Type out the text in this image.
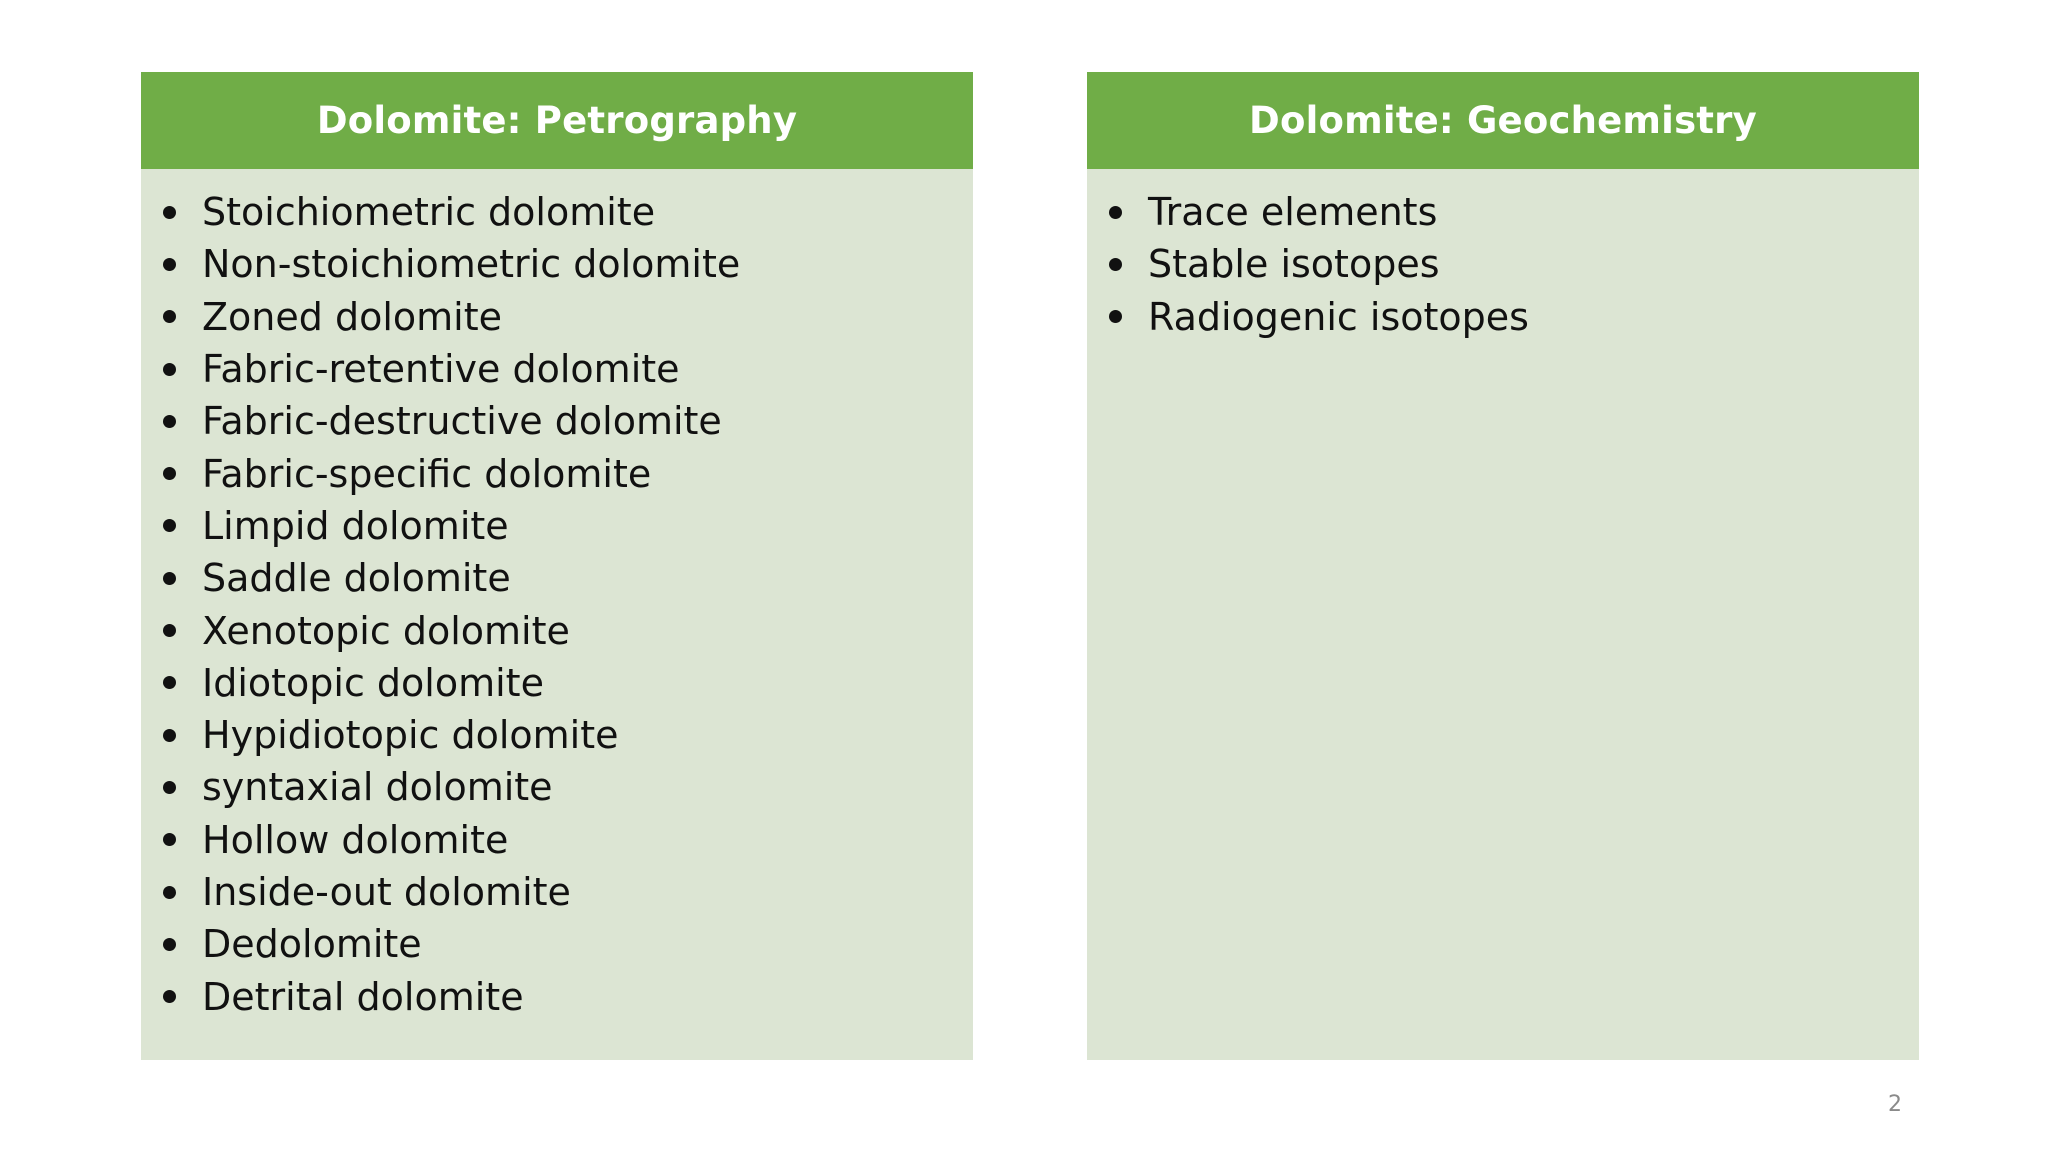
Dolomite: Petrography
Stoichiometric dolomite
Non-stoichiometric dolomite
Zoned dolomite
Fabric-retentive dolomite
Fabric-destructive dolomite
Fabric-specific dolomite
Limpid dolomite
Saddle dolomite
Xenotopic dolomite
Idiotopic dolomite
Hypidiotopic dolomite
syntaxial dolomite
Hollow dolomite
Inside-out dolomite
Dedolomite
Detrital dolomite
Dolomite: Geochemistry
Trace elements
Stable isotopes
Radiogenic isotopes
2
